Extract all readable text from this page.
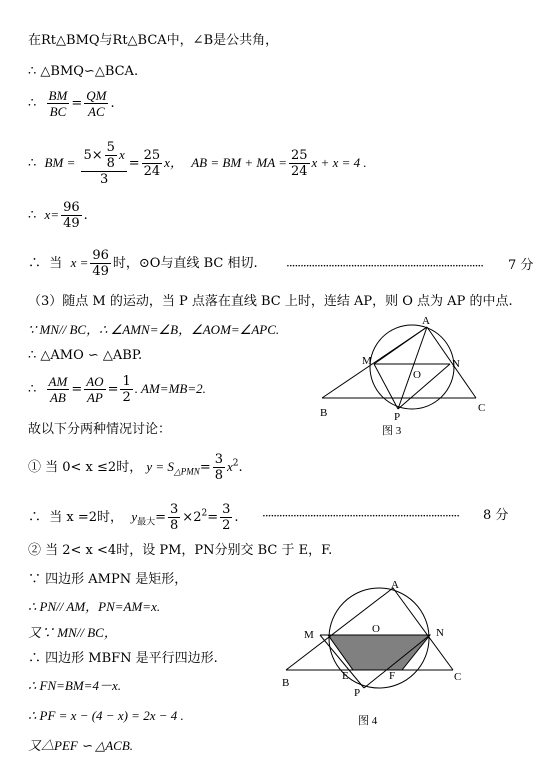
在Rt△BMQ与Rt△BCA中，∠B是公共角，
∴ △BMQ∽△BCA.
∴ $\frac{BM}{BC} = \frac{QM}{AC}$ .
∴ BM = $\frac{5\times \frac{5}{8} x}{3} = \frac{25}{24}$ x， AB = BM + MA = $\frac{25}{24}$ x + x = 4 .
∴ $x= \frac{96}{49}$ .
∴ 当 $x = \frac{96}{49}$ 时，⊙O与直线 BC 相切. ······································································ 7 分
（3）随点 M 的运动，当 P 点落在直线 BC 上时，连结 AP，则 O 点为 AP 的中点.
∵ MN// BC，∴ ∠AMN=∠B，∠AOM=∠APC.
∴ △AMO ∽ △ABP.
∴ $\frac{AM}{AB} = \frac{AO}{AP} = \frac{1}{2}$ . AM=MB=2.
故以下分两种情况讨论：
① 当 0< x ≤2时， $y = S_{\triangle PMN}= \frac{3}{8} x^2$.
∴ 当 x =2时， $y_{最大}= \frac{3}{8} \times 2^2= \frac{3}{2}$ . ······································································ 8 分
② 当 2< x <4时，设 PM，PN分别交 BC 于 E，F.
∵ 四边形 AMPN 是矩形，
∴ PN// AM，PN=AM=x.
又∵ MN// BC，
∴ 四边形 MBFN 是平行四边形.
∴ FN=BM=4－x.
∴ PF = x − (4 − x) = 2x − 4 .
又△PEF ∽ △ACB.
A
M	N
O
B	P
C
图 3
A
M	N
O
B
E	F
P
C
图 4
